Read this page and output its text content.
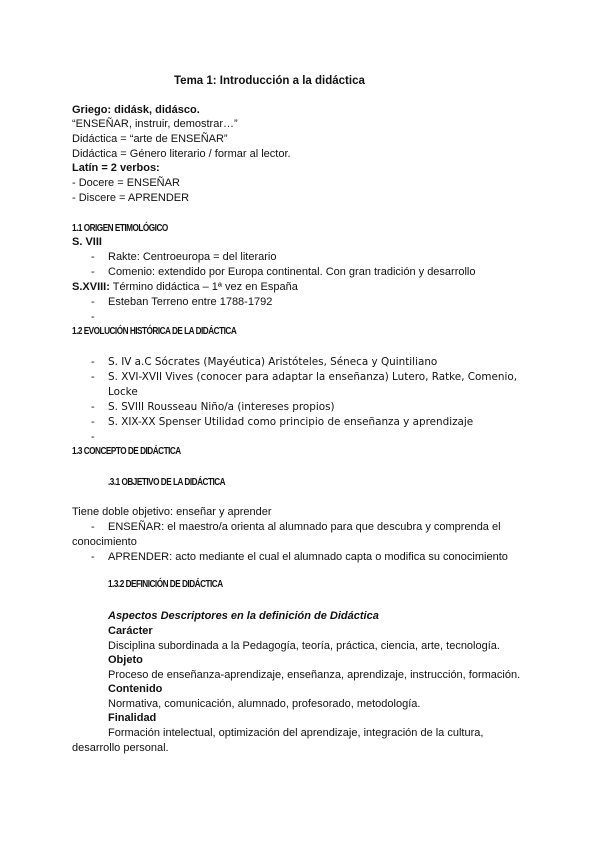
Tema 1: Introducción a la didáctica
Griego: didásk, didásco.
“ENSEÑAR, instruir, demostrar…”
Didáctica = “arte de ENSEÑAR”
Didáctica = Género literario / formar al lector.
Latín = 2 verbos:
- Docere = ENSEÑAR
- Discere = APRENDER
1.1 ORIGEN ETIMOLÓGICO
S. VIII
- Rakte: Centroeuropa = del literario
- Comenio: extendido por Europa continental. Con gran tradición y desarrollo
S.XVIII: Término didáctica – 1ª vez en España
- Esteban Terreno entre 1788-1792
-
1.2 EVOLUCIÓN HISTÓRICA DE LA DIDÁCTICA
- S. IV a.C Sócrates (Mayéutica) Aristóteles, Séneca y Quintiliano
- S. XVI-XVII Vives (conocer para adaptar la enseñanza) Lutero, Ratke, Comenio,
Locke
- S. SVIII Rousseau Niño/a (intereses propios)
- S. XIX-XX Spenser Utilidad como principio de enseñanza y aprendizaje
-
1.3 CONCEPTO DE DIDÁCTICA
.3.1 OBJETIVO DE LA DIDÁCTICA
Tiene doble objetivo: enseñar y aprender
- ENSEÑAR: el maestro/a orienta al alumnado para que descubra y comprenda el
conocimiento
- APRENDER: acto mediante el cual el alumnado capta o modifica su conocimiento
1.3.2 DEFINICIÓN DE DIDÁCTICA
Aspectos Descriptores en la definición de Didáctica
Carácter
Disciplina subordinada a la Pedagogía, teoría, práctica, ciencia, arte, tecnología.
Objeto
Proceso de enseñanza-aprendizaje, enseñanza, aprendizaje, instrucción, formación.
Contenido
Normativa, comunicación, alumnado, profesorado, metodología.
Finalidad
Formación intelectual, optimización del aprendizaje, integración de la cultura,
desarrollo personal.
